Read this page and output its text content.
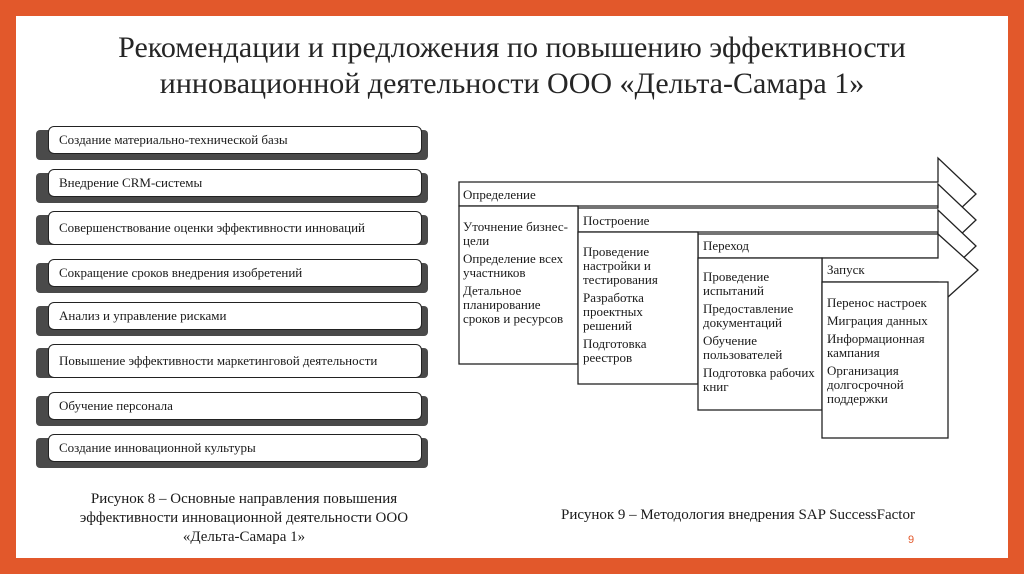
Рекомендации и предложения по повышению эффективности инновационной деятельности ООО «Дельта-Самара 1»
Создание материально-технической базы
Внедрение CRM-системы
Совершенствование оценки эффективности инноваций
Сокращение сроков внедрения изобретений
Анализ и управление рисками
Повышение эффективности маркетинговой деятельности
Обучение персонала
Создание инновационной культуры
Рисунок 8 – Основные направления повышения эффективности инновационной деятельности ООО «Дельта-Самара 1»
Определение
Построение
Переход
Запуск
Уточнение бизнес-цели
Определение всех участников
Детальное планирование сроков и ресурсов
Проведение настройки и тестирования
Разработка проектных решений
Подготовка реестров
Проведение испытаний
Предоставление документаций
Обучение пользователей
Подготовка рабочих книг
Перенос настроек
Миграция данных
Информационная кампания
Организация долгосрочной поддержки
Рисунок 9 – Методология внедрения SAP SuccessFactor
9
